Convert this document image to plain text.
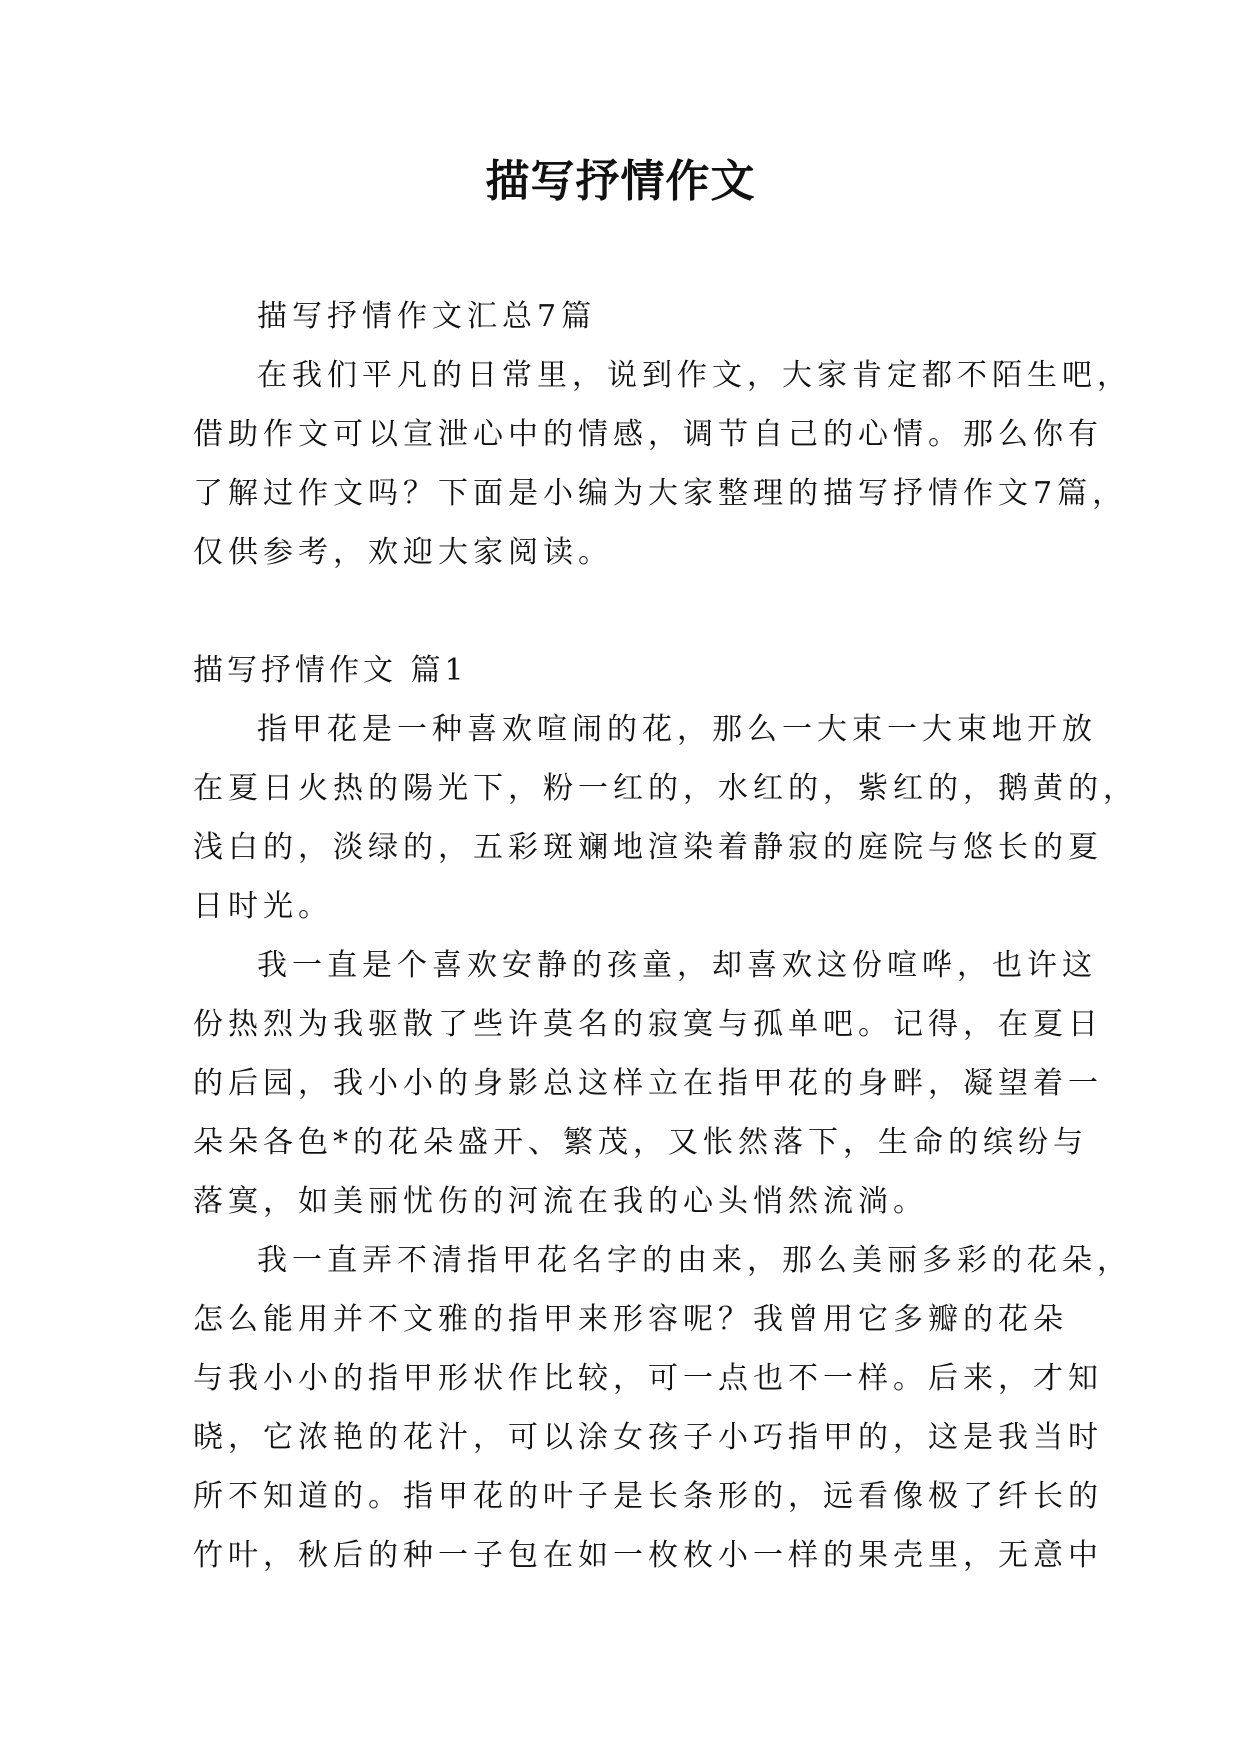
描写抒情作文
描写抒情作文汇总7篇
在我们平凡的日常里，说到作文，大家肯定都不陌生吧，
借助作文可以宣泄心中的情感，调节自己的心情。那么你有
了解过作文吗？下面是小编为大家整理的描写抒情作文7篇，
仅供参考，欢迎大家阅读。
描写抒情作文 篇1
指甲花是一种喜欢喧闹的花，那么一大束一大束地开放
在夏日火热的陽光下，粉一红的，水红的，紫红的，鹅黄的，
浅白的，淡绿的，五彩斑斓地渲染着静寂的庭院与悠长的夏
日时光。
我一直是个喜欢安静的孩童，却喜欢这份喧哗，也许这
份热烈为我驱散了些许莫名的寂寞与孤单吧。记得，在夏日
的后园，我小小的身影总这样立在指甲花的身畔，凝望着一
朵朵各色*的花朵盛开、繁茂，又怅然落下，生命的缤纷与
落寞，如美丽忧伤的河流在我的心头悄然流淌。
我一直弄不清指甲花名字的由来，那么美丽多彩的花朵，
怎么能用并不文雅的指甲来形容呢？我曾用它多瓣的花朵
与我小小的指甲形状作比较，可一点也不一样。后来，才知
晓，它浓艳的花汁，可以涂女孩子小巧指甲的，这是我当时
所不知道的。指甲花的叶子是长条形的，远看像极了纤长的
竹叶，秋后的种一子包在如一枚枚小一样的果壳里，无意中
